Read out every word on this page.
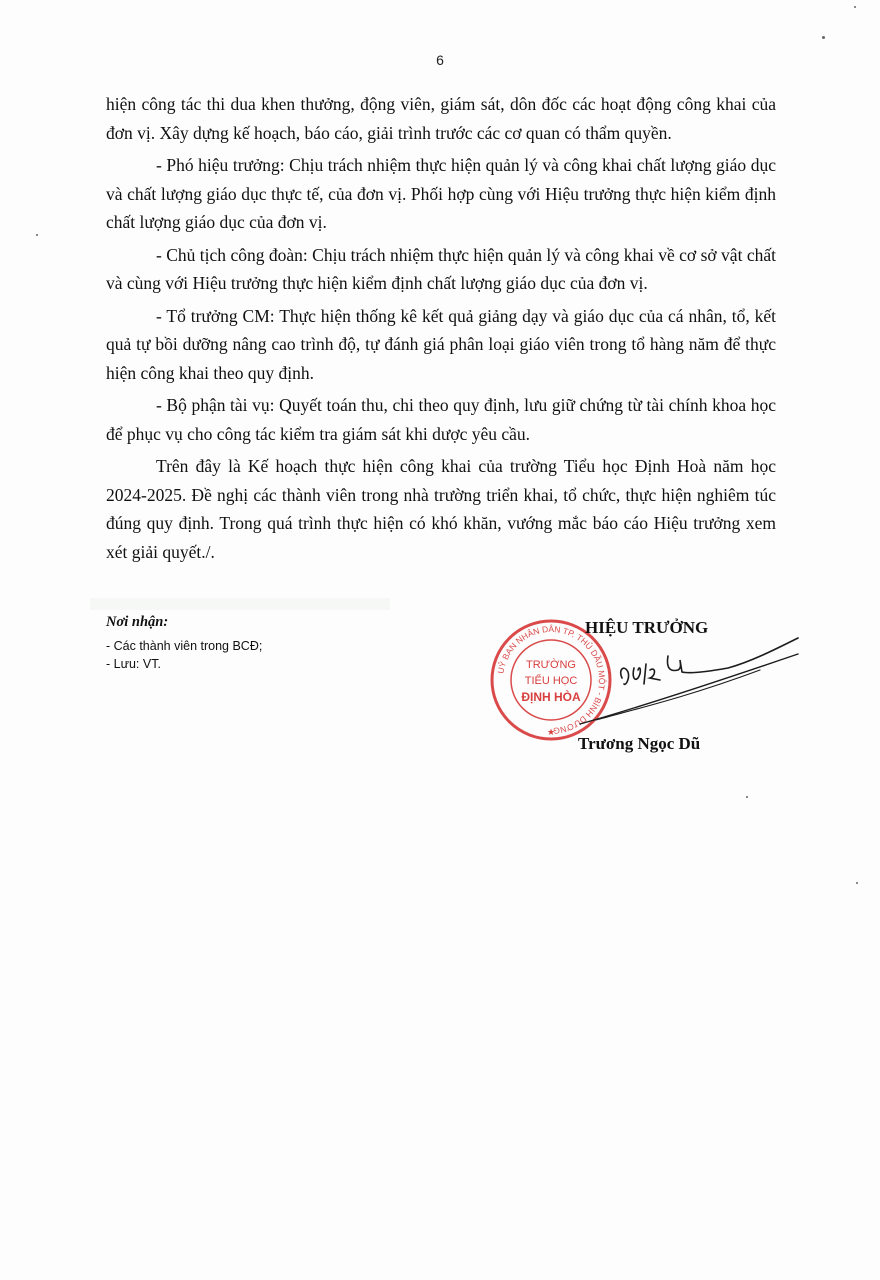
6

hiện công tác thi dua khen thưởng, động viên, giám sát, dôn đốc các hoạt động công khai của đơn vị. Xây dựng kế hoạch, báo cáo, giải trình trước các cơ quan có thẩm quyền.

- Phó hiệu trưởng: Chịu trách nhiệm thực hiện quản lý và công khai chất lượng giáo dục và chất lượng giáo dục thực tế, của đơn vị. Phối hợp cùng với Hiệu trưởng thực hiện kiểm định chất lượng giáo dục của đơn vị.

- Chủ tịch công đoàn: Chịu trách nhiệm thực hiện quản lý và công khai về cơ sở vật chất và cùng với Hiệu trưởng thực hiện kiểm định chất lượng giáo dục của đơn vị.

- Tổ trưởng CM: Thực hiện thống kê kết quả giảng dạy và giáo dục của cá nhân, tổ, kết quả tự bồi dưỡng nâng cao trình độ, tự đánh giá phân loại giáo viên trong tổ hàng năm để thực hiện công khai theo quy định.

- Bộ phận tài vụ: Quyết toán thu, chi theo quy định, lưu giữ chứng từ tài chính khoa học để phục vụ cho công tác kiểm tra giám sát khi dược yêu cầu.

Trên đây là Kế hoạch thực hiện công khai của trường Tiểu học Định Hoà năm học 2024-2025. Đề nghị các thành viên trong nhà trường triển khai, tổ chức, thực hiện nghiêm túc đúng quy định. Trong quá trình thực hiện có khó khăn, vướng mắc báo cáo Hiệu trưởng xem xét giải quyết./.

Nơi nhận:
- Các thành viên trong BCĐ;
- Lưu: VT.	UỶ BAN NHÂN DÂN TP. THỦ DẦU MỘT - BÌNH DƯƠNG
TRƯỜNG
TIỂU HỌC
ĐỊNH HÒA
★
HIỆU TRƯỞNG
Trương Ngọc Dũ
